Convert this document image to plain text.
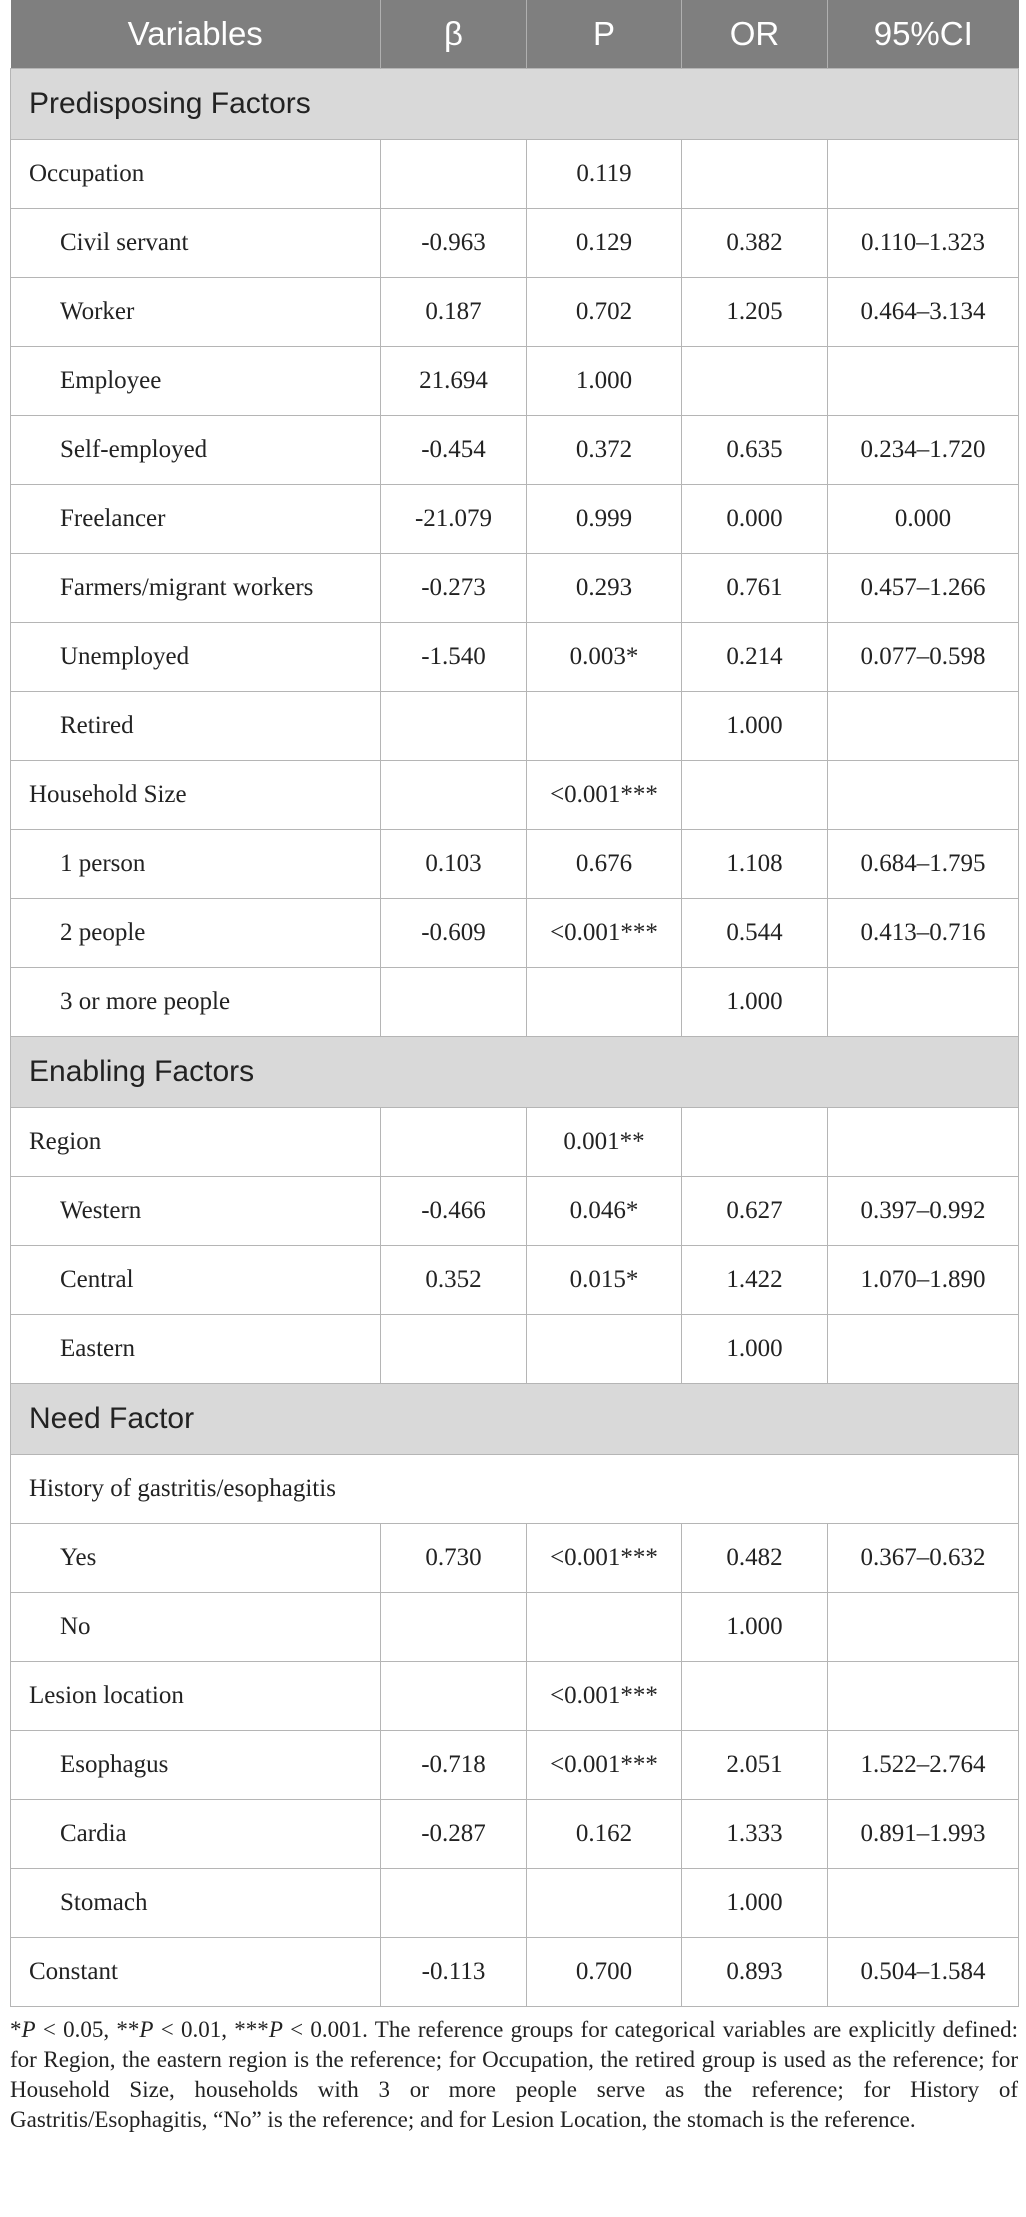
Variables	β	P	OR	95%CI
Predisposing Factors				
Occupation		0.119		
Civil servant	-0.963	0.129	0.382	0.110–1.323
Worker	0.187	0.702	1.205	0.464–3.134
Employee	21.694	1.000		
Self-employed	-0.454	0.372	0.635	0.234–1.720
Freelancer	-21.079	0.999	0.000	0.000
Farmers/migrant workers	-0.273	0.293	0.761	0.457–1.266
Unemployed	-1.540	0.003*	0.214	0.077–0.598
Retired			1.000	
Household Size		<0.001***		
1 person	0.103	0.676	1.108	0.684–1.795
2 people	-0.609	<0.001***	0.544	0.413–0.716
3 or more people			1.000	
Enabling Factors				
Region		0.001**		
Western	-0.466	0.046*	0.627	0.397–0.992
Central	0.352	0.015*	1.422	1.070–1.890
Eastern			1.000	
Need Factor				
History of gastritis/esophagitis				
Yes	0.730	<0.001***	0.482	0.367–0.632
No			1.000	
Lesion location		<0.001***		
Esophagus	-0.718	<0.001***	2.051	1.522–2.764
Cardia	-0.287	0.162	1.333	0.891–1.993
Stomach			1.000	
Constant	-0.113	0.700	0.893	0.504–1.584
*P < 0.05, **P < 0.01, ***P < 0.001. The reference groups for categorical variables are explicitly defined: for Region, the eastern region is the reference; for Occupation, the retired group is used as the reference; for Household Size, households with 3 or more people serve as the reference; for History of Gastritis/Esophagitis, “No” is the reference; and for Lesion Location, the stomach is the reference.
